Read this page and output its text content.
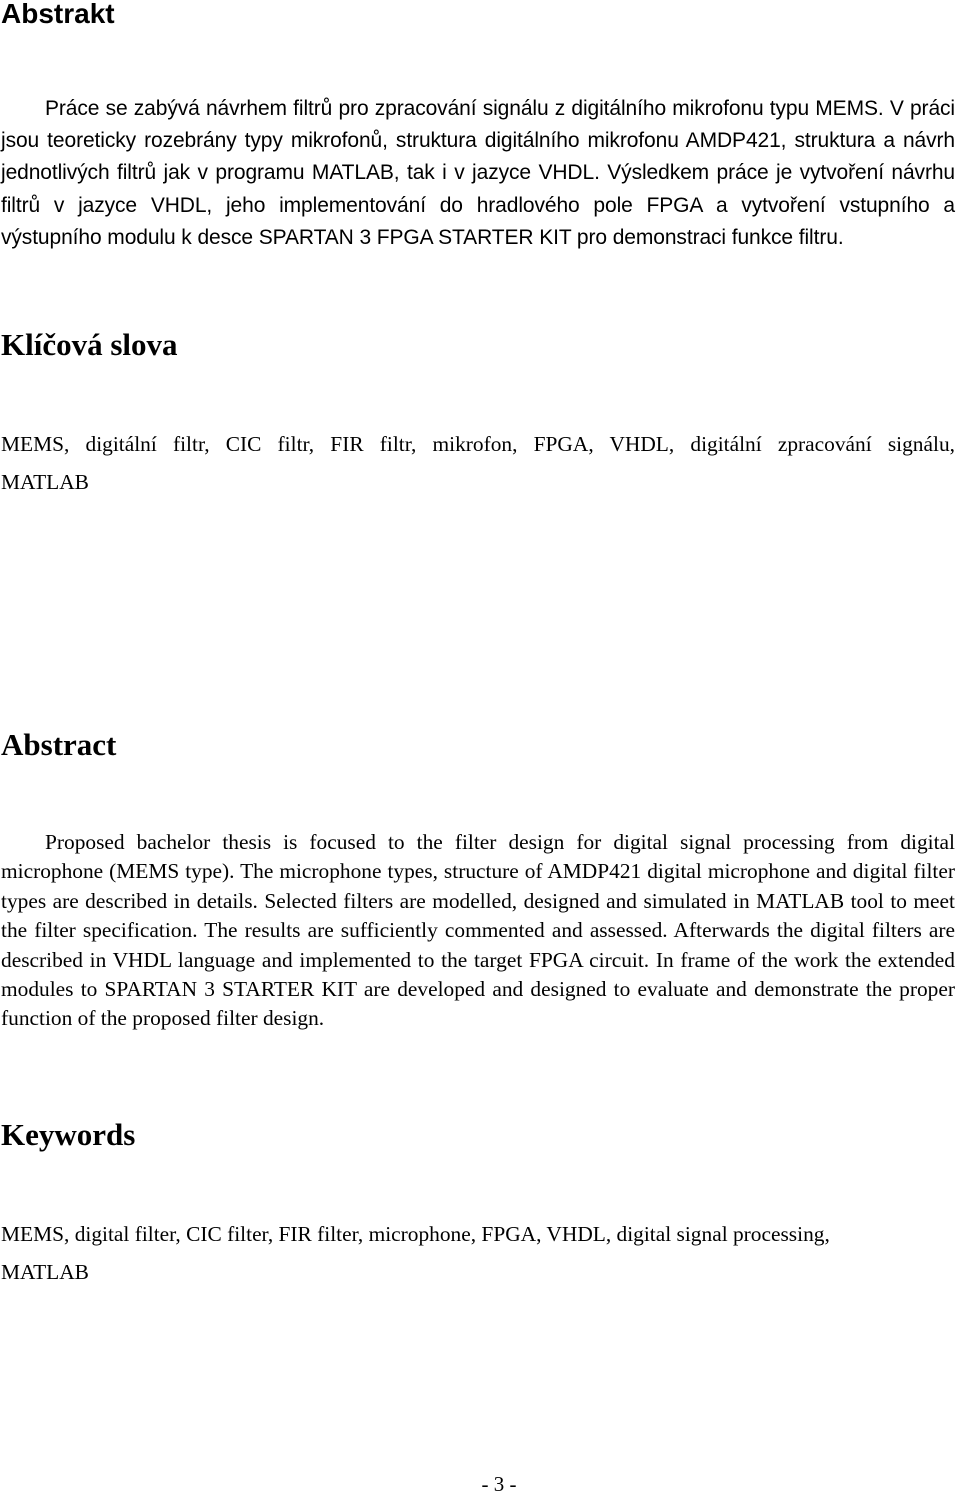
Abstrakt

Práce se zabývá návrhem filtrů pro zpracování signálu z digitálního mikrofonu typu MEMS. V práci jsou teoreticky rozebrány typy mikrofonů, struktura digitálního mikrofonu AMDP421, struktura a návrh jednotlivých filtrů jak v programu MATLAB, tak i v jazyce VHDL. Výsledkem práce je vytvoření návrhu filtrů v jazyce VHDL, jeho implementování do hradlového pole FPGA a vytvoření vstupního a výstupního modulu k desce SPARTAN 3 FPGA STARTER KIT pro demonstraci funkce filtru.

Klíčová slova

MEMS, digitální filtr, CIC filtr, FIR filtr, mikrofon, FPGA, VHDL, digitální zpracování signálu, MATLAB

Abstract

Proposed bachelor thesis is focused to the filter design for digital signal processing from digital microphone (MEMS type). The microphone types, structure of AMDP421 digital microphone and digital filter types are described in details. Selected filters are modelled, designed and simulated in MATLAB tool to meet the filter specification. The results are sufficiently commented and assessed. Afterwards the digital filters are described in VHDL language and implemented to the target FPGA circuit. In frame of the work the extended modules to SPARTAN 3 STARTER KIT are developed and designed to evaluate and demonstrate the proper function of the proposed filter design.

Keywords

MEMS, digital filter, CIC filter, FIR filter, microphone, FPGA, VHDL, digital signal processing, MATLAB

- 3 -
